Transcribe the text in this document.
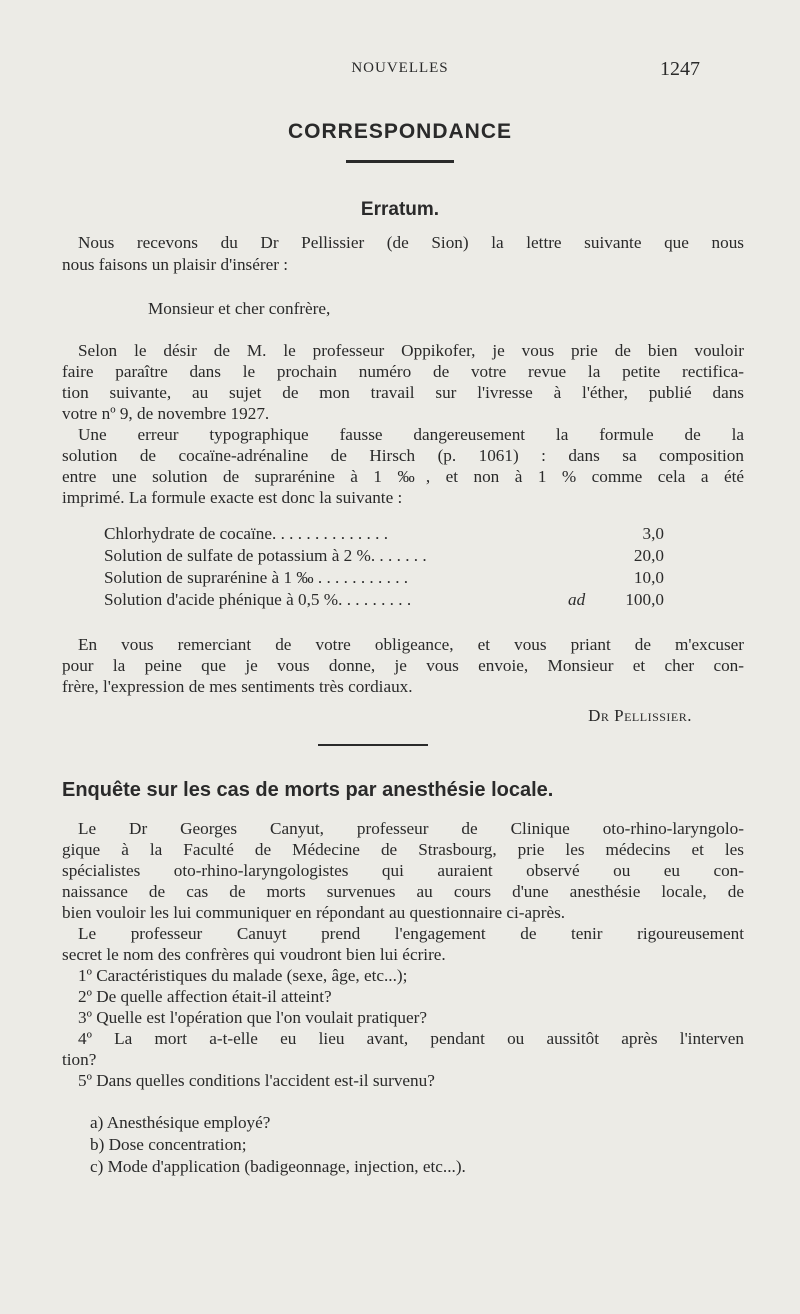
NOUVELLES	1247
CORRESPONDANCE
Erratum.
Nous recevons du Dr Pellissier (de Sion) la lettre suivante que nous
nous faisons un plaisir d'insérer :
Monsieur et cher confrère,
Selon le désir de M. le professeur Oppikofer, je vous prie de bien vouloir
faire paraître dans le prochain numéro de votre revue la petite rectifica-
tion suivante, au sujet de mon travail sur l'ivresse à l'éther, publié dans
votre nº 9, de novembre 1927.
Une erreur typographique fausse dangereusement la formule de la
solution de cocaïne-adrénaline de Hirsch (p. 1061) : dans sa composition
entre une solution de suprarénine à 1 ‰, et non à 1 % comme cela a été
imprimé. La formule exacte est donc la suivante :
Chlorhydrate de cocaïne. . . . . . . . . . . . . .	3,0
Solution de sulfate de potassium à 2 %. . . . . . .	20,0
Solution de suprarénine à 1 ‰ . . . . . . . . . . .	10,0
Solution d'acide phénique à 0,5 %. . . . . . . . .	ad 100,0
En vous remerciant de votre obligeance, et vous priant de m'excuser
pour la peine que je vous donne, je vous envoie, Monsieur et cher con-
frère, l'expression de mes sentiments très cordiaux.
Dr Pellissier.
Enquête sur les cas de morts par anesthésie locale.
Le Dr Georges Canyut, professeur de Clinique oto-rhino-laryngolo-
gique à la Faculté de Médecine de Strasbourg, prie les médecins et les
spécialistes oto-rhino-laryngologistes qui auraient observé ou eu con-
naissance de cas de morts survenues au cours d'une anesthésie locale, de
bien vouloir les lui communiquer en répondant au questionnaire ci-après.
Le professeur Canuyt prend l'engagement de tenir rigoureusement
secret le nom des confrères qui voudront bien lui écrire.
1º Caractéristiques du malade (sexe, âge, etc...);
2º De quelle affection était-il atteint?
3º Quelle est l'opération que l'on voulait pratiquer?
4º La mort a-t-elle eu lieu avant, pendant ou aussitôt après l'interven
tion?
5º Dans quelles conditions l'accident est-il survenu?
a) Anesthésique employé?
b) Dose concentration;
c) Mode d'application (badigeonnage, injection, etc...).
